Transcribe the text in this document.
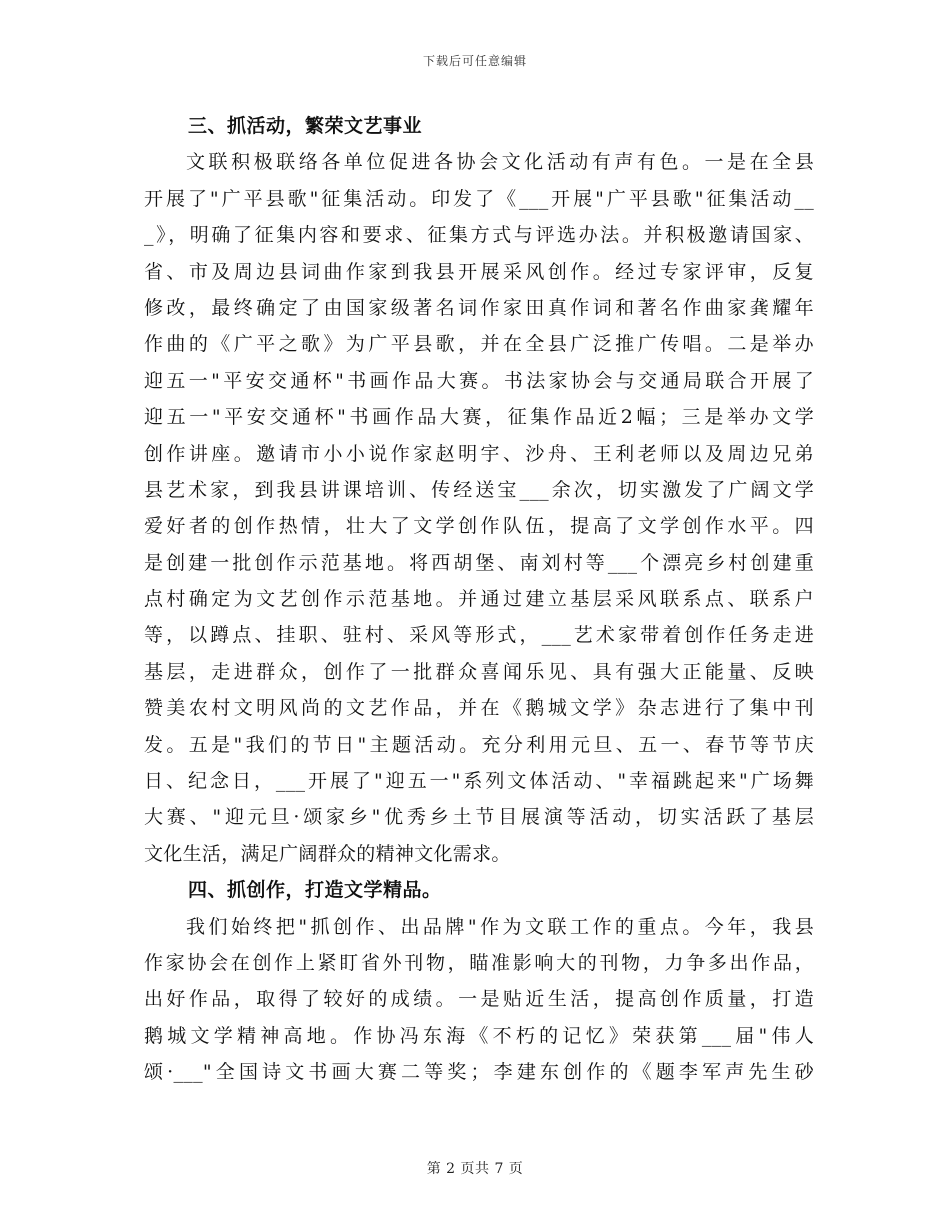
下载后可任意编辑
三、抓活动，繁荣文艺事业
文联积极联络各单位促进各协会文化活动有声有色。一是在全县
开展了"广平县歌"征集活动。印发了《___开展"广平县歌"征集活动__
_》，明确了征集内容和要求、征集方式与评选办法。并积极邀请国家、
省、市及周边县词曲作家到我县开展采风创作。经过专家评审，反复
修改，最终确定了由国家级著名词作家田真作词和著名作曲家龚耀年
作曲的《广平之歌》为广平县歌，并在全县广泛推广传唱。二是举办
迎五一"平安交通杯"书画作品大赛。书法家协会与交通局联合开展了
迎五一"平安交通杯"书画作品大赛，征集作品近2幅；三是举办文学
创作讲座。邀请市小小说作家赵明宇、沙舟、王利老师以及周边兄弟
县艺术家，到我县讲课培训、传经送宝___余次，切实激发了广阔文学
爱好者的创作热情，壮大了文学创作队伍，提高了文学创作水平。四
是创建一批创作示范基地。将西胡堡、南刘村等___个漂亮乡村创建重
点村确定为文艺创作示范基地。并通过建立基层采风联系点、联系户
等，以蹲点、挂职、驻村、采风等形式，___艺术家带着创作任务走进
基层，走进群众，创作了一批群众喜闻乐见、具有强大正能量、反映
赞美农村文明风尚的文艺作品，并在《鹅城文学》杂志进行了集中刊
发。五是"我们的节日"主题活动。充分利用元旦、五一、春节等节庆
日、纪念日，___开展了"迎五一"系列文体活动、"幸福跳起来"广场舞
大赛、"迎元旦·颂家乡"优秀乡土节目展演等活动，切实活跃了基层
文化生活，满足广阔群众的精神文化需求。
四、抓创作，打造文学精品。
我们始终把"抓创作、出品牌"作为文联工作的重点。今年，我县
作家协会在创作上紧盯省外刊物，瞄准影响大的刊物，力争多出作品，
出好作品，取得了较好的成绩。一是贴近生活，提高创作质量，打造
鹅城文学精神高地。作协冯东海《不朽的记忆》荣获第___届"伟人
颂·___"全国诗文书画大赛二等奖；李建东创作的《题李军声先生砂
第 2 页共 7 页
